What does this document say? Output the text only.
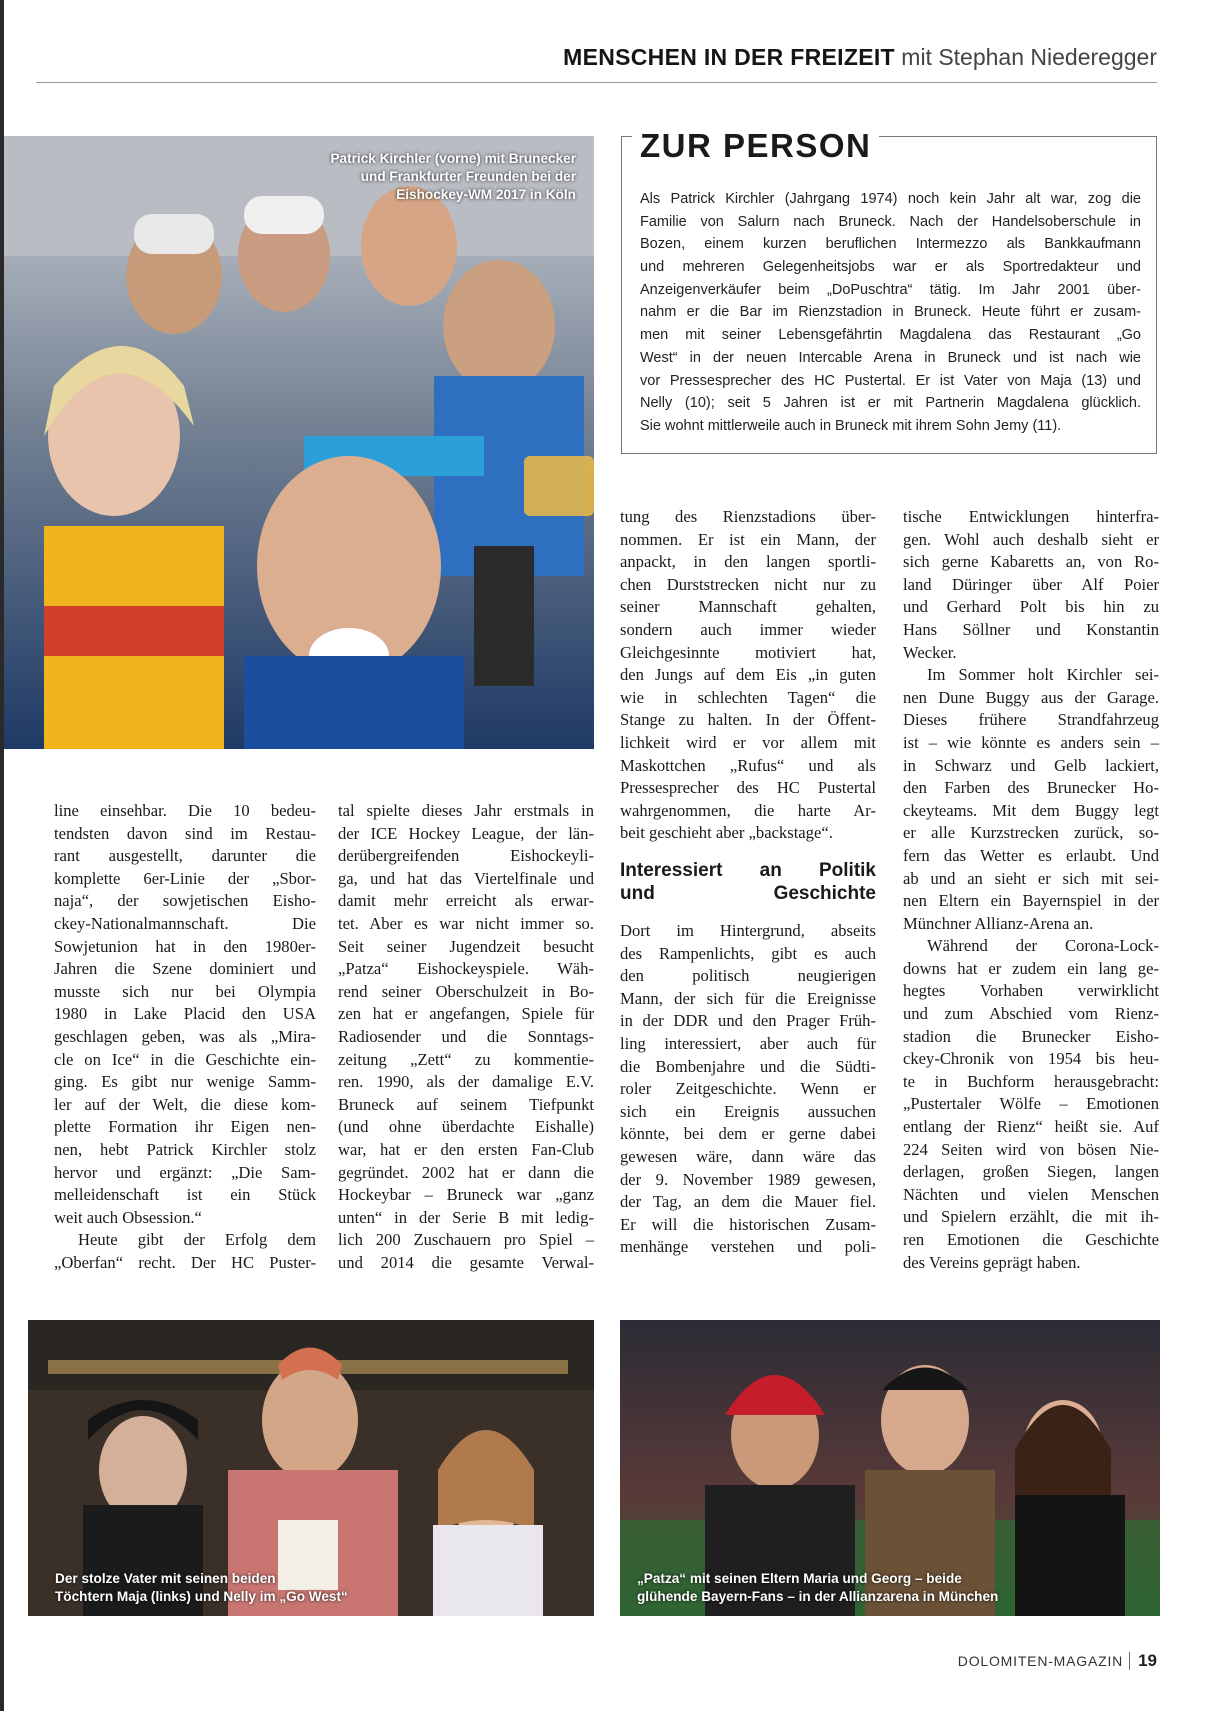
MENSCHEN IN DER FREIZEIT mit Stephan Niederegger
Patrick Kirchler (vorne) mit Brunecker
und Frankfurter Freunden bei der
Eishockey-WM 2017 in Köln
ZUR PERSON
Als Patrick Kirchler (Jahrgang 1974) noch kein Jahr alt war, zog die
Familie von Salurn nach Bruneck. Nach der Handelsoberschule in
Bozen, einem kurzen beruflichen Intermezzo als Bankkaufmann
und mehreren Gelegenheitsjobs war er als Sportredakteur und
Anzeigenverkäufer beim „DoPuschtra“ tätig. Im Jahr 2001 über-
nahm er die Bar im Rienzstadion in Bruneck. Heute führt er zusam-
men mit seiner Lebensgefährtin Magdalena das Restaurant „Go
West“ in der neuen Intercable Arena in Bruneck und ist nach wie
vor Pressesprecher des HC Pustertal. Er ist Vater von Maja (13) und
Nelly (10); seit 5 Jahren ist er mit Partnerin Magdalena glücklich.
Sie wohnt mittlerweile auch in Bruneck mit ihrem Sohn Jemy (11).
line einsehbar. Die 10 bedeu-
tendsten davon sind im Restau-
rant ausgestellt, darunter die
komplette 6er-Linie der „Sbor-
naja“, der sowjetischen Eisho-
ckey-Nationalmannschaft. Die
Sowjetunion hat in den 1980er-
Jahren die Szene dominiert und
musste sich nur bei Olympia
1980 in Lake Placid den USA
geschlagen geben, was als „Mira-
cle on Ice“ in die Geschichte ein-
ging. Es gibt nur wenige Samm-
ler auf der Welt, die diese kom-
plette Formation ihr Eigen nen-
nen, hebt Patrick Kirchler stolz
hervor und ergänzt: „Die Sam-
melleidenschaft ist ein Stück
weit auch Obsession.“
Heute gibt der Erfolg dem
„Oberfan“ recht. Der HC Puster-
tal spielte dieses Jahr erstmals in
der ICE Hockey League, der län-
derübergreifenden Eishockeyli-
ga, und hat das Viertelfinale und
damit mehr erreicht als erwar-
tet. Aber es war nicht immer so.
Seit seiner Jugendzeit besucht
„Patza“ Eishockeyspiele. Wäh-
rend seiner Oberschulzeit in Bo-
zen hat er angefangen, Spiele für
Radiosender und die Sonntags-
zeitung „Zett“ zu kommentie-
ren. 1990, als der damalige E.V.
Bruneck auf seinem Tiefpunkt
(und ohne überdachte Eishalle)
war, hat er den ersten Fan-Club
gegründet. 2002 hat er dann die
Hockeybar – Bruneck war „ganz
unten“ in der Serie B mit ledig-
lich 200 Zuschauern pro Spiel –
und 2014 die gesamte Verwal-
tung des Rienzstadions über-
nommen. Er ist ein Mann, der
anpackt, in den langen sportli-
chen Durststrecken nicht nur zu
seiner Mannschaft gehalten,
sondern auch immer wieder
Gleichgesinnte motiviert hat,
den Jungs auf dem Eis „in guten
wie in schlechten Tagen“ die
Stange zu halten. In der Öffent-
lichkeit wird er vor allem mit
Maskottchen „Rufus“ und als
Pressesprecher des HC Pustertal
wahrgenommen, die harte Ar-
beit geschieht aber „backstage“.
Interessiert an Politik
und Geschichte
Dort im Hintergrund, abseits
des Rampenlichts, gibt es auch
den politisch neugierigen
Mann, der sich für die Ereignisse
in der DDR und den Prager Früh-
ling interessiert, aber auch für
die Bombenjahre und die Südti-
roler Zeitgeschichte. Wenn er
sich ein Ereignis aussuchen
könnte, bei dem er gerne dabei
gewesen wäre, dann wäre das
der 9. November 1989 gewesen,
der Tag, an dem die Mauer fiel.
Er will die historischen Zusam-
menhänge verstehen und poli-
tische Entwicklungen hinterfra-
gen. Wohl auch deshalb sieht er
sich gerne Kabaretts an, von Ro-
land Düringer über Alf Poier
und Gerhard Polt bis hin zu
Hans Söllner und Konstantin
Wecker.
Im Sommer holt Kirchler sei-
nen Dune Buggy aus der Garage.
Dieses frühere Strandfahrzeug
ist – wie könnte es anders sein –
in Schwarz und Gelb lackiert,
den Farben des Brunecker Ho-
ckeyteams. Mit dem Buggy legt
er alle Kurzstrecken zurück, so-
fern das Wetter es erlaubt. Und
ab und an sieht er sich mit sei-
nen Eltern ein Bayernspiel in der
Münchner Allianz-Arena an.
Während der Corona-Lock-
downs hat er zudem ein lang ge-
hegtes Vorhaben verwirklicht
und zum Abschied vom Rienz-
stadion die Brunecker Eisho-
ckey-Chronik von 1954 bis heu-
te in Buchform herausgebracht:
„Pustertaler Wölfe – Emotionen
entlang der Rienz“ heißt sie. Auf
224 Seiten wird von bösen Nie-
derlagen, großen Siegen, langen
Nächten und vielen Menschen
und Spielern erzählt, die mit ih-
ren Emotionen die Geschichte
des Vereins geprägt haben.
Der stolze Vater mit seinen beiden
Töchtern Maja (links) und Nelly im „Go West“
„Patza“ mit seinen Eltern Maria und Georg – beide
glühende Bayern-Fans – in der Allianzarena in München
DOLOMITEN-MAGAZIN 19
